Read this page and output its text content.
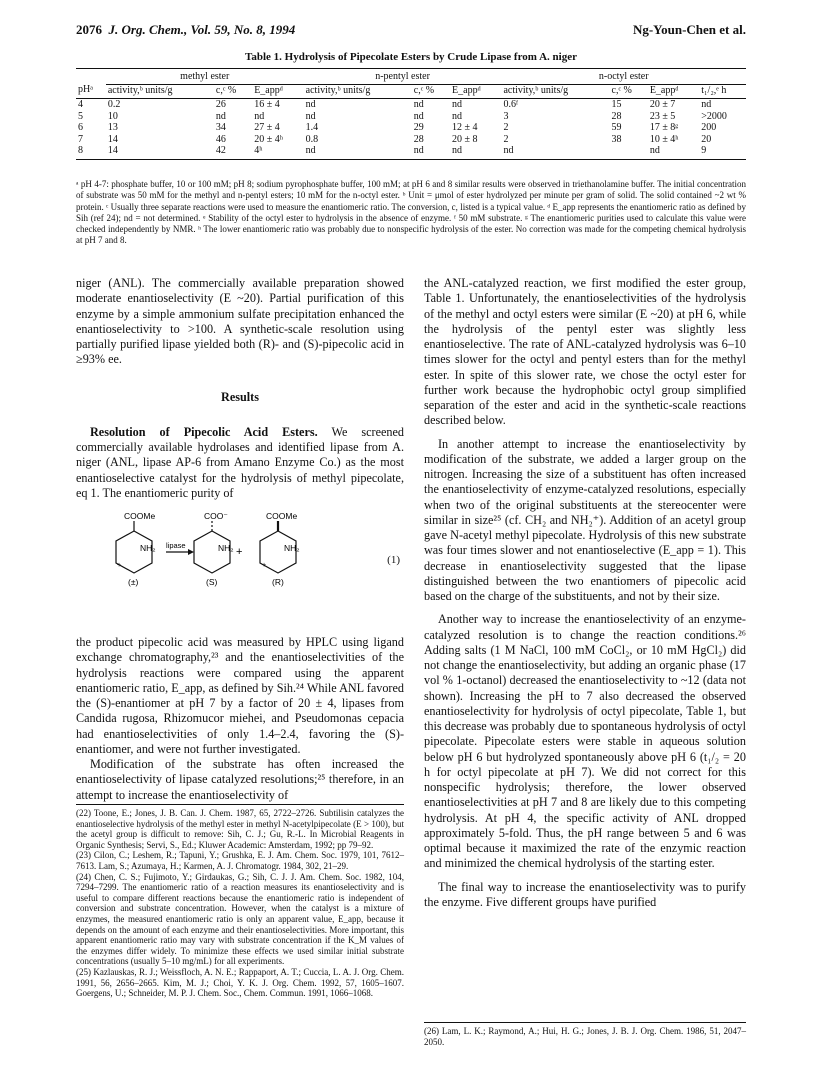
2076 J. Org. Chem., Vol. 59, No. 8, 1994	Ng-Youn-Chen et al.
Table 1. Hydrolysis of Pipecolate Esters by Crude Lipase from A. niger
	methyl ester			n-pentyl ester			n-octyl ester			
pHᵃ	activity,ᵇ units/g	c,ᶜ %	E_appᵈ	activity,ᵇ units/g	c,ᶜ %	E_appᵈ	activity,ᵇ units/g	c,ᶜ %	E_appᵈ	t₁/₂,ᵉ h
4	0.2	26	16 ± 4	nd	nd	nd	0.6ᶠ	15	20 ± 7	nd
5	10	nd	nd	nd	nd	nd	3	28	23 ± 5	>2000
6	13	34	27 ± 4	1.4	29	12 ± 4	2	59	17 ± 8ᵍ	200
7	14	46	20 ± 4ʰ	0.8	28	20 ± 8	2	38	10 ± 4ʰ	20
8	14	42	4ʰ	nd	nd	nd	nd		nd	9
ᵃ pH 4-7: phosphate buffer, 10 or 100 mM; pH 8; sodium pyrophosphate buffer, 100 mM; at pH 6 and 8 similar results were observed in triethanolamine buffer. The initial concentration of substrate was 50 mM for the methyl and n-pentyl esters; 10 mM for the n-octyl ester. ᵇ Unit = μmol of ester hydrolyzed per minute per gram of solid. The solid contained ~2 wt % protein. ᶜ Usually three separate reactions were used to measure the enantiomeric ratio. The conversion, c, listed is a typical value. ᵈ E_app represents the enantiomeric ratio as defined by Sih (ref 24); nd = not determined. ᵉ Stability of the octyl ester to hydrolysis in the absence of enzyme. ᶠ 50 mM substrate. ᵍ The enantiomeric purities used to calculate this value were checked independently by NMR. ʰ The lower enantiomeric ratio was probably due to nonspecific hydrolysis of the ester. No correction was made for the competing chemical hydrolysis at pH 7 and 8.

niger (ANL). The commercially available preparation showed moderate enantioselectivity (E ~20). Partial purification of this enzyme by a simple ammonium sulfate precipitation enhanced the enantioselectivity to >100. A synthetic-scale resolution using partially purified lipase yielded both (R)- and (S)-pipecolic acid in ≥93% ee.

Results

Resolution of Pipecolic Acid Esters. We screened commercially available hydrolases and identified lipase from A. niger (ANL, lipase AP-6 from Amano Enzyme Co.) as the most enantioselective catalyst for the hydrolysis of methyl pipecolate, eq 1. The enantiomeric purity of

COOMe
NH₂ lipase
COO⁻
NH₂
COOMe
NH₂
(±)	(S)	(R)
+
+
+	(1)

the product pipecolic acid was measured by HPLC using ligand exchange chromatography,²³ and the enantioselectivities of the hydrolysis reactions were compared using the apparent enantiomeric ratio, E_app, as defined by Sih.²⁴ While ANL favored the (S)-enantiomer at pH 7 by a factor of 20 ± 4, lipases from Candida rugosa, Rhizomucor miehei, and Pseudomonas cepacia had enantioselectivities of only 1.4–2.4, favoring the (S)-enantiomer, and were not further investigated.

Modification of the substrate has often increased the enantioselectivity of lipase catalyzed resolutions;²⁵ therefore, in an attempt to increase the enantioselectivity of

the ANL-catalyzed reaction, we first modified the ester group, Table 1. Unfortunately, the enantioselectivities of the hydrolysis of the methyl and octyl esters were similar (E ~20) at pH 6, while the hydrolysis of the pentyl ester was slightly less enantioselective. The rate of ANL-catalyzed hydrolysis was 6–10 times slower for the octyl and pentyl esters than for the methyl ester. In spite of this slower rate, we chose the octyl ester for further work because the hydrophobic octyl group simplified separation of the ester and acid in the synthetic-scale reactions described below.

In another attempt to increase the enantioselectivity by modification of the substrate, we added a larger group on the nitrogen. Increasing the size of a substituent has often increased the enantioselectivity of enzyme-catalyzed resolutions, especially when two of the original substituents at the stereocenter were similar in size²⁵ (cf. CH₂ and NH₂⁺). Addition of an acetyl group gave N-acetyl methyl pipecolate. Hydrolysis of this new substrate was four times slower and not enantioselective (E_app = 1). This decrease in enantioselectivity suggested that the lipase distinguished between the two enantiomers of pipecolic acid based on the charge of the substituents, and not by their size.

Another way to increase the enantioselectivity of an enzyme-catalyzed resolution is to change the reaction conditions.²⁶ Adding salts (1 M NaCl, 100 mM CoCl₂, or 10 mM HgCl₂) did not change the enantioselectivity, but adding an organic phase (17 vol % 1-octanol) decreased the enantioselectivity to ~12 (data not shown). Increasing the pH to 7 also decreased the observed enantioselectivity for hydrolysis of octyl pipecolate, Table 1, but this decrease was probably due to spontaneous hydrolysis of octyl pipecolate. Pipecolate esters were stable in aqueous solution below pH 6 but hydrolyzed spontaneously above pH 6 (t₁/₂ = 20 h for octyl pipecolate at pH 7). We did not correct for this nonspecific hydrolysis; therefore, the lower observed enantioselectivities at pH 7 and 8 are likely due to this competing hydrolysis. At pH 4, the specific activity of ANL dropped approximately 5-fold. Thus, the pH range between 5 and 6 was optimal because it maximized the rate of the enzymic reaction and minimized the chemical hydrolysis of the starting ester.

The final way to increase the enantioselectivity was to purify the enzyme. Five different groups have purified

(22) Toone, E.; Jones, J. B. Can. J. Chem. 1987, 65, 2722–2726. Subtilisin catalyzes the enantioselective hydrolysis of the methyl ester in methyl N-acetylpipecolate (E > 100), but the acetyl group is difficult to remove: Sih, C. J.; Gu, R.-L. In Microbial Reagents in Organic Synthesis; Servi, S., Ed.; Kluwer Academic: Amsterdam, 1992; pp 79–92.

(23) Cilon, C.; Leshem, R.; Tapuni, Y.; Grushka, E. J. Am. Chem. Soc. 1979, 101, 7612–7613. Lam, S.; Azumaya, H.; Karmen, A. J. Chromatogr. 1984, 302, 21–29.

(24) Chen, C. S.; Fujimoto, Y.; Girdaukas, G.; Sih, C. J. J. Am. Chem. Soc. 1982, 104, 7294–7299. The enantiomeric ratio of a reaction measures its enantioselectivity and is useful to compare different reactions because the enantiomeric ratio is independent of conversion and substrate concentration. However, when the catalyst is a mixture of enzymes, the measured enantiomeric ratio is only an apparent value, E_app, because it depends on the amount of each enzyme and their enantioselectivities. More important, this apparent enantiomeric ratio may vary with substrate concentration if the K_M values of the enzymes differ widely. To minimize these effects we used similar initial substrate concentrations (usually 5–10 mg/mL) for all experiments.

(25) Kazlauskas, R. J.; Weissfloch, A. N. E.; Rappaport, A. T.; Cuccia, L. A. J. Org. Chem. 1991, 56, 2656–2665. Kim, M. J.; Choi, Y. K. J. Org. Chem. 1992, 57, 1605–1607. Goergens, U.; Schneider, M. P. J. Chem. Soc., Chem. Commun. 1991, 1066–1068.

(26) Lam, L. K.; Raymond, A.; Hui, H. G.; Jones, J. B. J. Org. Chem. 1986, 51, 2047–2050.
